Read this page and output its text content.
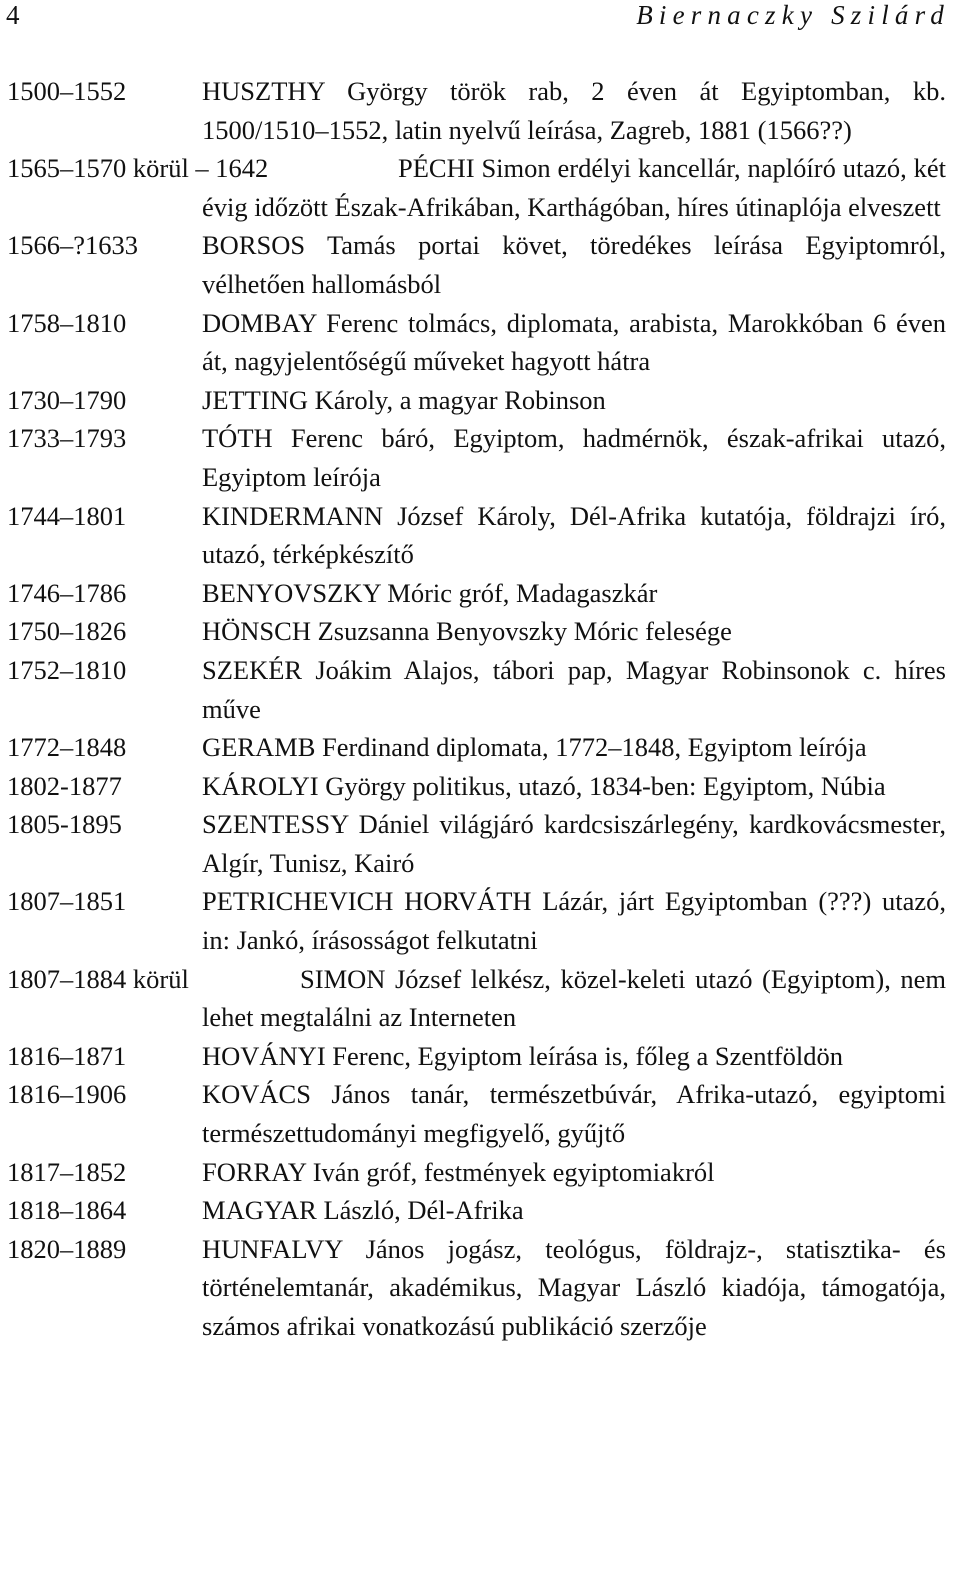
4	Biernaczky Szilárd
1500–1552	HUSZTHY György török rab, 2 éven át Egyiptomban, kb. 1500/1510–1552, latin nyelvű leírása, Zagreb, 1881 (1566??)
1565–1570 körül – 1642	PÉCHI Simon erdélyi kancellár, naplóíró utazó, két évig időzött Észak-Afrikában, Karthágóban, híres útinaplója elveszett
1566–?1633 BORSOS Tamás portai követ, töredékes leírása Egyiptomról, vélhetően hallomásból
1758–1810	DOMBAY Ferenc tolmács, diplomata, arabista, Marokkóban 6 éven át, nagyjelentőségű műveket hagyott hátra
1730–1790	JETTING Károly, a magyar Robinson
1733–1793	TÓTH Ferenc báró, Egyiptom, hadmérnök, észak-afrikai utazó, Egyiptom leírója
1744–1801	KINDERMANN József Károly, Dél-Afrika kutatója, földrajzi író, utazó, térképkészítő
1746–1786	BENYOVSZKY Móric gróf, Madagaszkár
1750–1826	HÖNSCH Zsuzsanna Benyovszky Móric felesége
1752–1810	SZEKÉR Joákim Alajos, tábori pap, Magyar Robinsonok c. híres műve
1772–1848	GERAMB Ferdinand diplomata, 1772–1848, Egyiptom leírója
1802-1877	KÁROLYI György politikus, utazó, 1834-ben: Egyiptom, Núbia
1805-1895	SZENTESSY Dániel világjáró kardcsiszárlegény, kardkovácsmester, Algír, Tunisz, Kairó
1807–1851	PETRICHEVICH HORVÁTH Lázár, járt Egyiptomban (???) utazó, in: Jankó, írásosságot felkutatni
1807–1884 körül	SIMON József lelkész, közel-keleti utazó (Egyiptom), nem lehet megtalálni az Interneten
1816–1871	HOVÁNYI Ferenc, Egyiptom leírása is, főleg a Szentföldön
1816–1906	KOVÁCS János tanár, természetbúvár, Afrika-utazó, egyiptomi természettudományi megfigyelő, gyűjtő
1817–1852	FORRAY Iván gróf, festmények egyiptomiakról
1818–1864	MAGYAR László, Dél-Afrika
1820–1889	HUNFALVY János jogász, teológus, földrajz-, statisztika- és történelemtanár, akadémikus, Magyar László kiadója, támogatója, számos afrikai vonatkozású publikáció szerzője
